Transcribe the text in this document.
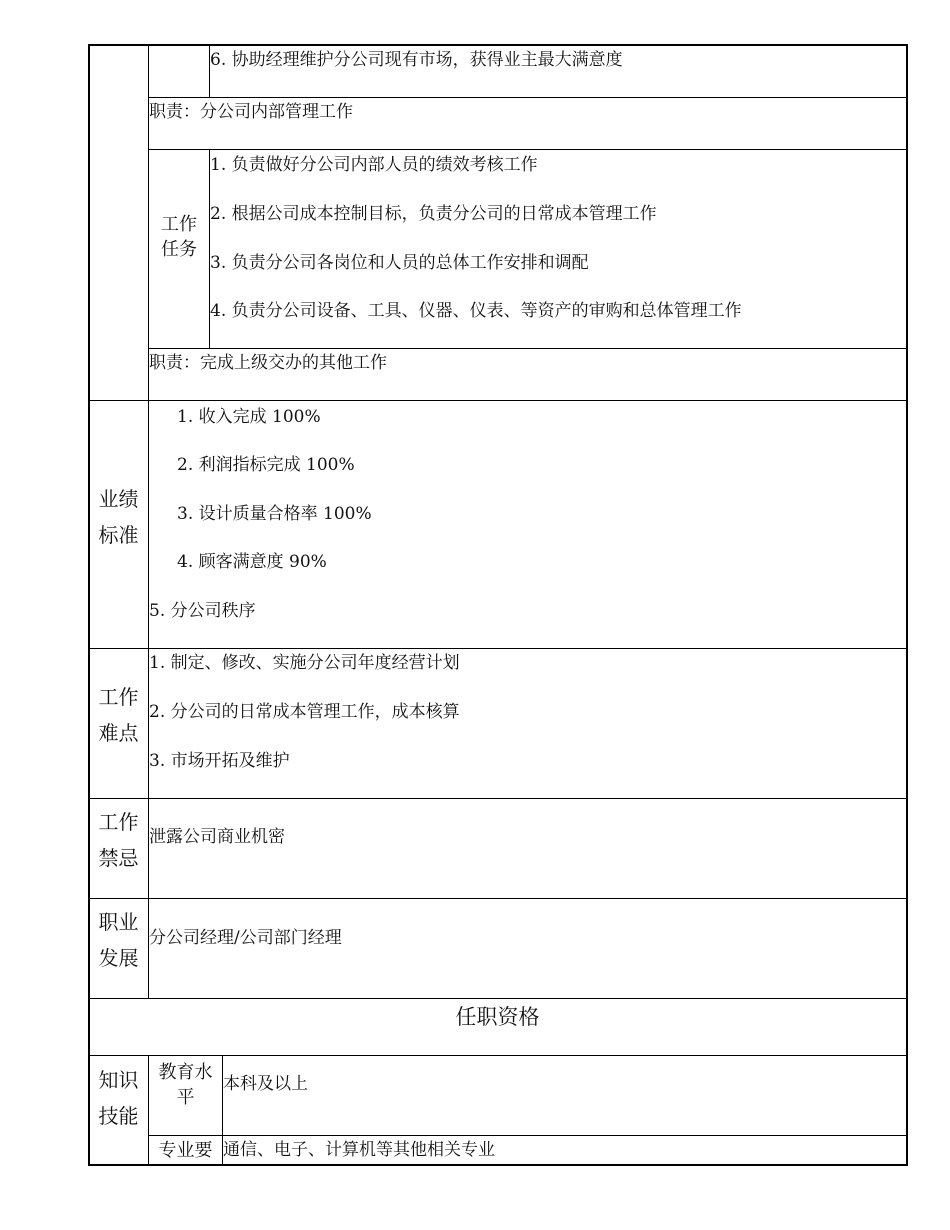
6. 协助经理维护分公司现有市场，获得业主最大满意度
职责：分公司内部管理工作
工作
任务
1. 负责做好分公司内部人员的绩效考核工作
2. 根据公司成本控制目标，负责分公司的日常成本管理工作
3. 负责分公司各岗位和人员的总体工作安排和调配
4. 负责分公司设备、工具、仪器、仪表、等资产的审购和总体管理工作
职责：完成上级交办的其他工作
业绩
标准
1. 收入完成 100%
2. 利润指标完成 100%
3. 设计质量合格率 100%
4. 顾客满意度 90%
5. 分公司秩序
工作
难点
1. 制定、修改、实施分公司年度经营计划
2. 分公司的日常成本管理工作，成本核算
3. 市场开拓及维护
工作
禁忌
泄露公司商业机密
职业
发展
分公司经理/公司部门经理
任职资格
知识
技能
教育水
平
本科及以上
专业要 通信、电子、计算机等其他相关专业
